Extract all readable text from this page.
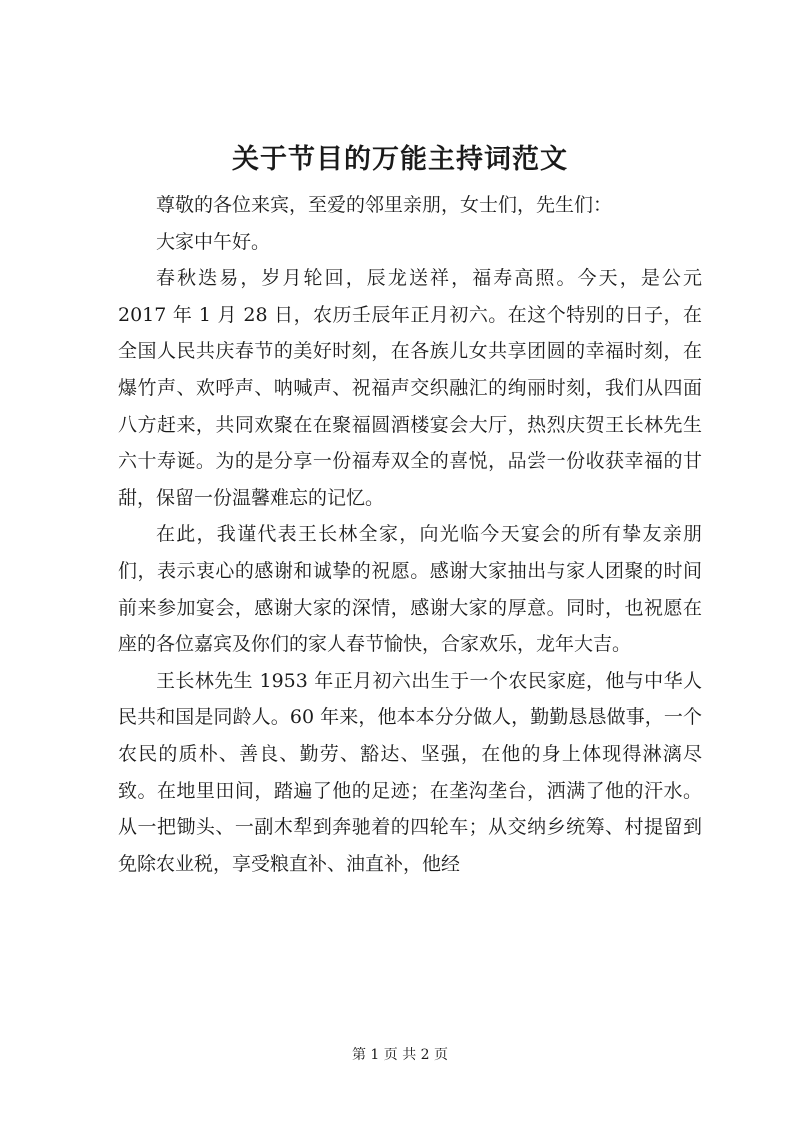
关于节目的万能主持词范文

尊敬的各位来宾，至爱的邻里亲朋，女士们，先生们：

大家中午好。

春秋迭易，岁月轮回，辰龙送祥，福寿高照。今天，是公元 2017 年 1 月 28 日，农历壬辰年正月初六。在这个特别的日子，在全国人民共庆春节的美好时刻，在各族儿女共享团圆的幸福时刻，在爆竹声、欢呼声、呐喊声、祝福声交织融汇的绚丽时刻，我们从四面八方赶来，共同欢聚在在聚福圆酒楼宴会大厅，热烈庆贺王长林先生六十寿诞。为的是分享一份福寿双全的喜悦，品尝一份收获幸福的甘甜，保留一份温馨难忘的记忆。

在此，我谨代表王长林全家，向光临今天宴会的所有挚友亲朋们，表示衷心的感谢和诚挚的祝愿。感谢大家抽出与家人团聚的时间前来参加宴会，感谢大家的深情，感谢大家的厚意。同时，也祝愿在座的各位嘉宾及你们的家人春节愉快，合家欢乐，龙年大吉。

王长林先生 1953 年正月初六出生于一个农民家庭，他与中华人民共和国是同龄人。60 年来，他本本分分做人，勤勤恳恳做事，一个农民的质朴、善良、勤劳、豁达、坚强，在他的身上体现得淋漓尽致。在地里田间，踏遍了他的足迹；在垄沟垄台，洒满了他的汗水。从一把锄头、一副木犁到奔驰着的四轮车；从交纳乡统筹、村提留到免除农业税，享受粮直补、油直补，他经

第 1 页 共 2 页
